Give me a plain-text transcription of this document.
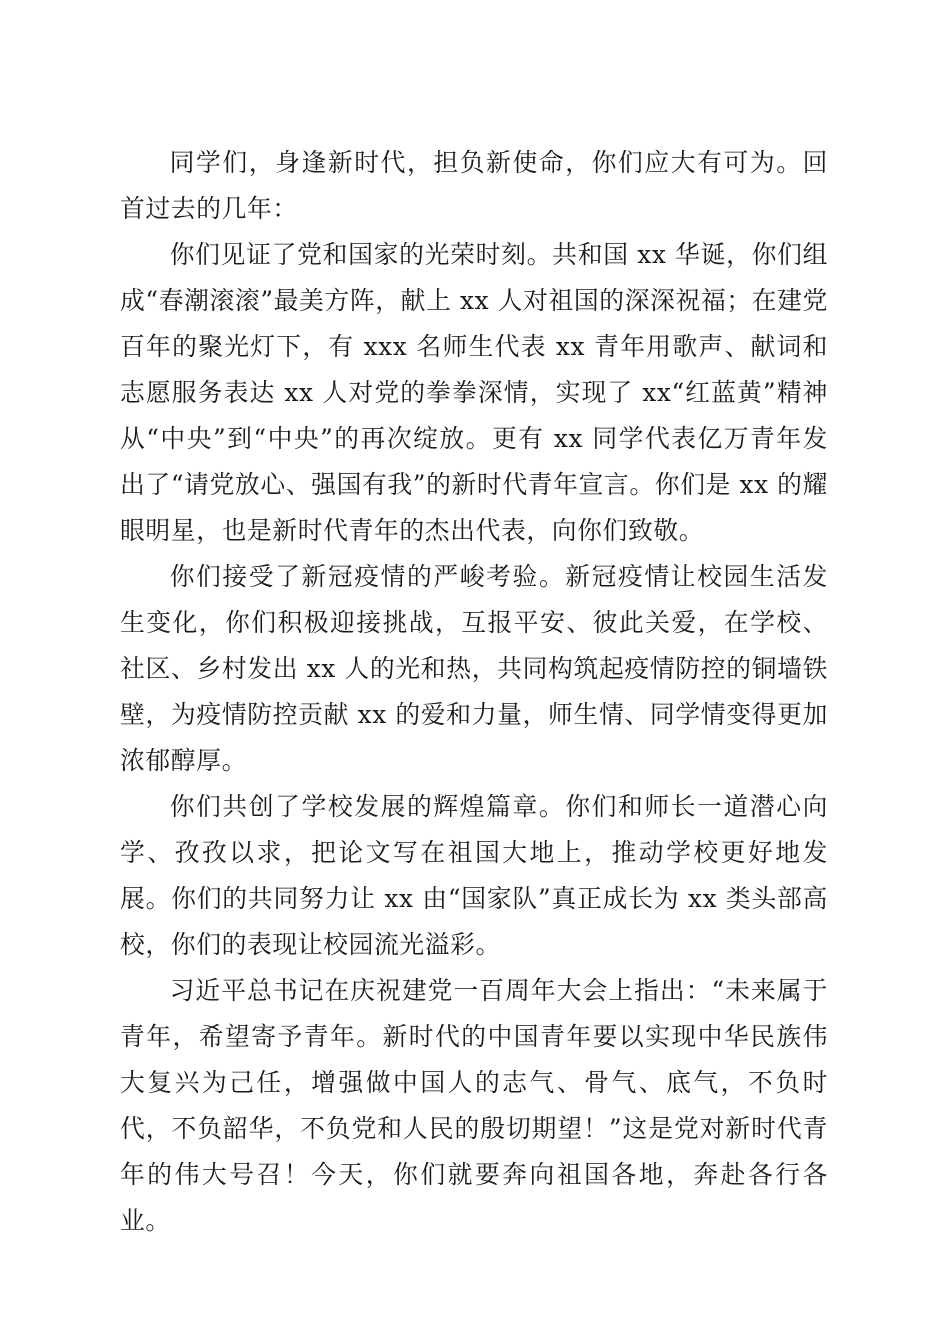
同学们，身逢新时代，担负新使命，你们应大有可为。回首过去的几年：

你们见证了党和国家的光荣时刻。共和国 xx 华诞，你们组成“春潮滚滚”最美方阵，献上 xx 人对祖国的深深祝福；在建党百年的聚光灯下，有 xxx 名师生代表 xx 青年用歌声、献词和志愿服务表达 xx 人对党的拳拳深情，实现了 xx“红蓝黄”精神从“中央”到“中央”的再次绽放。更有 xx 同学代表亿万青年发出了“请党放心、强国有我”的新时代青年宣言。你们是 xx 的耀眼明星，也是新时代青年的杰出代表，向你们致敬。

你们接受了新冠疫情的严峻考验。新冠疫情让校园生活发生变化，你们积极迎接挑战，互报平安、彼此关爱，在学校、社区、乡村发出 xx 人的光和热，共同构筑起疫情防控的铜墙铁壁，为疫情防控贡献 xx 的爱和力量，师生情、同学情变得更加浓郁醇厚。

你们共创了学校发展的辉煌篇章。你们和师长一道潜心向学、孜孜以求，把论文写在祖国大地上，推动学校更好地发展。你们的共同努力让 xx 由“国家队”真正成长为 xx 类头部高校，你们的表现让校园流光溢彩。

习近平总书记在庆祝建党一百周年大会上指出：“未来属于青年，希望寄予青年。新时代的中国青年要以实现中华民族伟大复兴为己任，增强做中国人的志气、骨气、底气，不负时代，不负韶华，不负党和人民的殷切期望！”这是党对新时代青年的伟大号召！今天，你们就要奔向祖国各地，奔赴各行各业。
